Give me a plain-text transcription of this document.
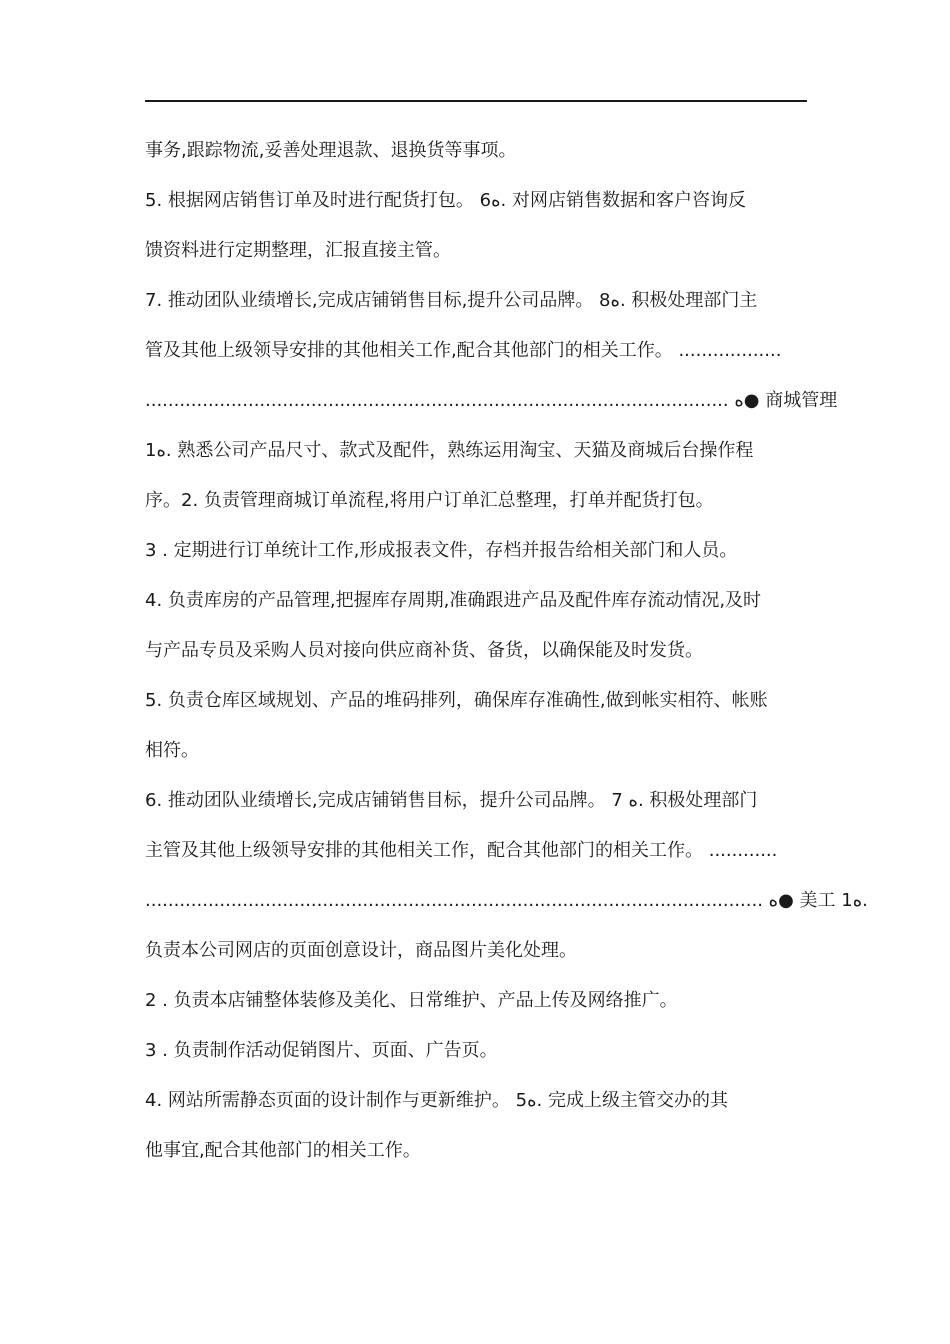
事务,跟踪物流,妥善处理退款、退换货等事项。
5. 根据网店销售订单及时进行配货打包。 6ه. 对网店销售数据和客户咨询反
馈资料进行定期整理，汇报直接主管。
7. 推动团队业绩增长,完成店铺销售目标,提升公司品牌。 8ه. 积极处理部门主
管及其他上级领导安排的其他相关工作,配合其他部门的相关工作。 ..................
...................................................................................................... ه● 商城管理
1ه. 熟悉公司产品尺寸、款式及配件，熟练运用淘宝、天猫及商城后台操作程
序。2. 负责管理商城订单流程,将用户订单汇总整理，打单并配货打包。
3 . 定期进行订单统计工作,形成报表文件，存档并报告给相关部门和人员。
4. 负责库房的产品管理,把握库存周期,准确跟进产品及配件库存流动情况,及时
与产品专员及采购人员对接向供应商补货、备货，以确保能及时发货。
5. 负责仓库区域规划、产品的堆码排列，确保库存准确性,做到帐实相符、帐账
相符。
6. 推动团队业绩增长,完成店铺销售目标，提升公司品牌。 7 ه. 积极处理部门
主管及其他上级领导安排的其他相关工作，配合其他部门的相关工作。 ............
............................................................................................................ ه● 美工 1ه.
负责本公司网店的页面创意设计，商品图片美化处理。
2 . 负责本店铺整体装修及美化、日常维护、产品上传及网络推广。
3 . 负责制作活动促销图片、页面、广告页。
4. 网站所需静态页面的设计制作与更新维护。 5ه. 完成上级主管交办的其
他事宜,配合其他部门的相关工作。
